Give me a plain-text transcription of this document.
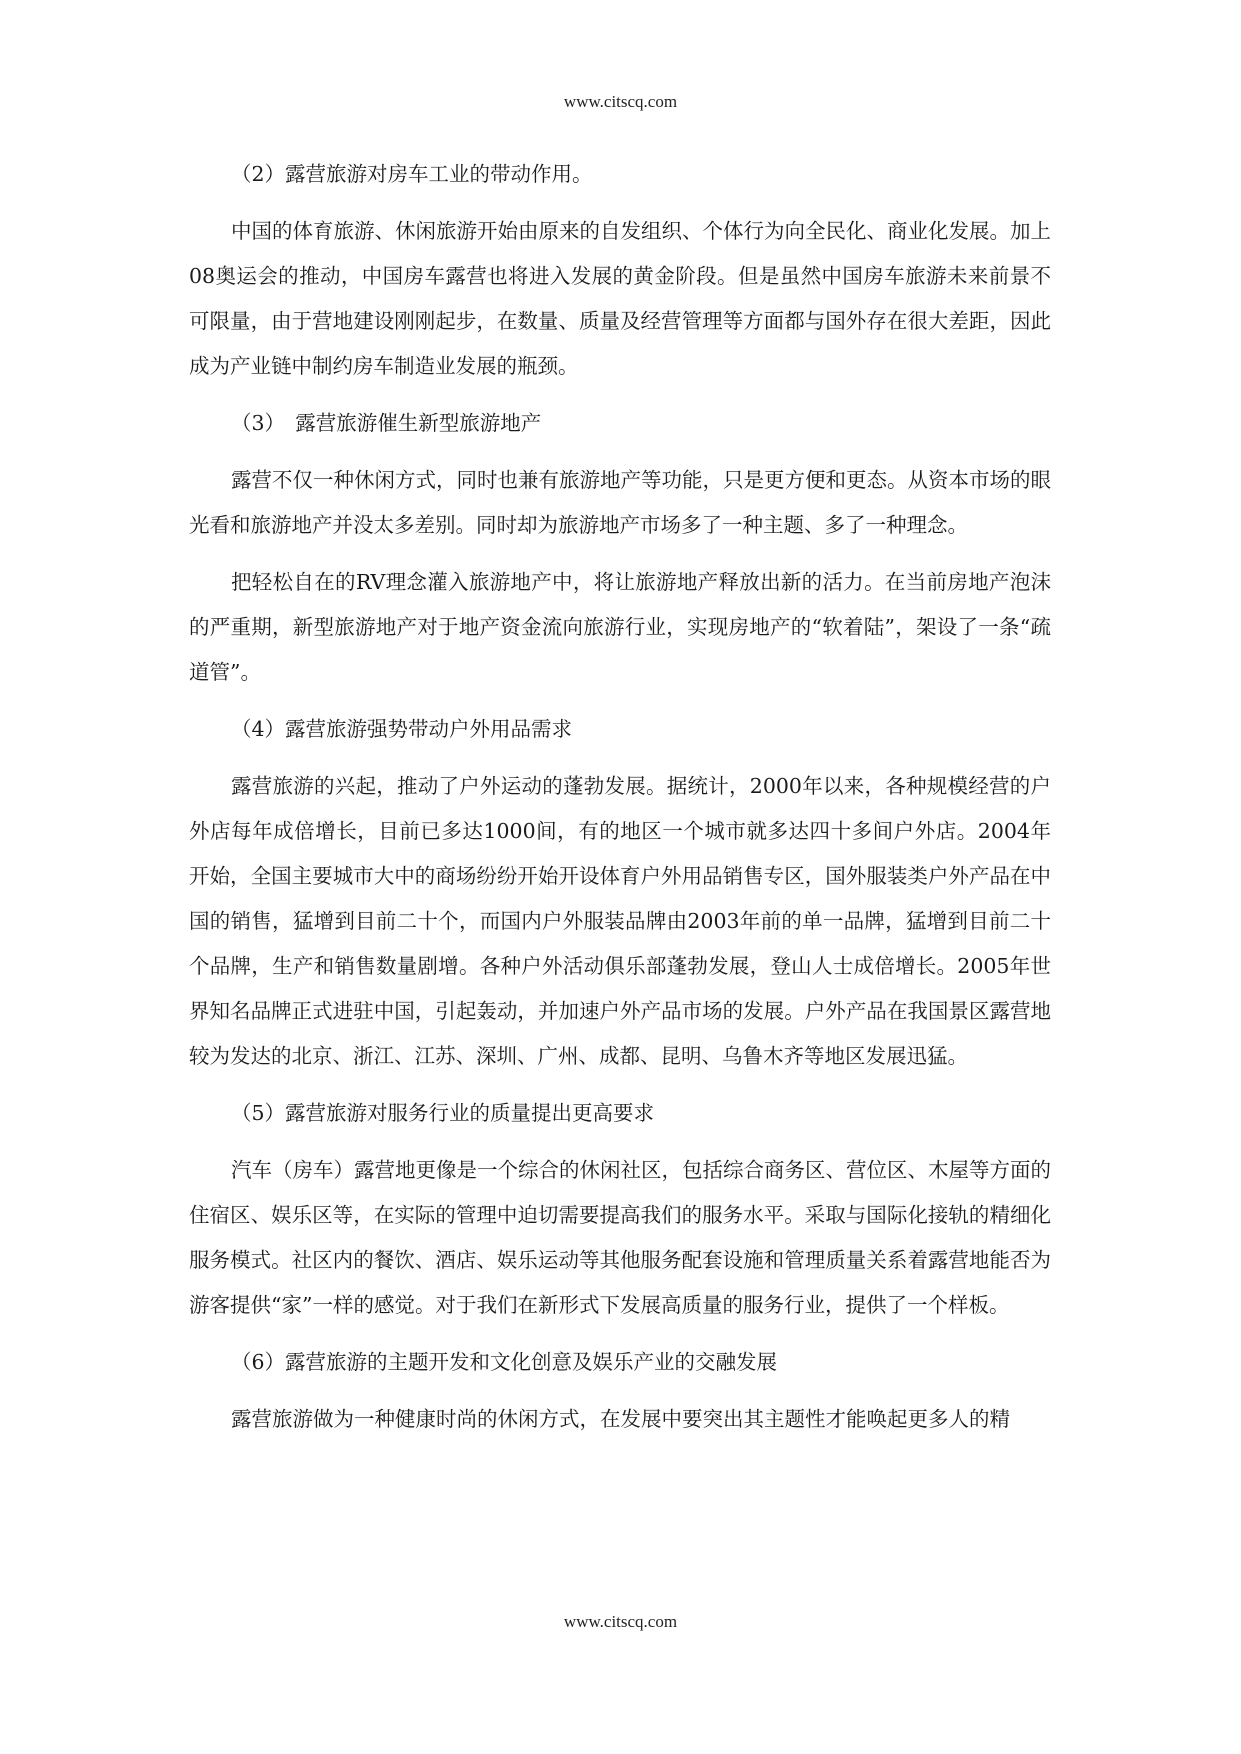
www.citscq.com

（2）露营旅游对房车工业的带动作用。

中国的体育旅游、休闲旅游开始由原来的自发组织、个体行为向全民化、商业化发展。加上08奥运会的推动，中国房车露营也将进入发展的黄金阶段。但是虽然中国房车旅游未来前景不可限量，由于营地建设刚刚起步，在数量、质量及经营管理等方面都与国外存在很大差距，因此成为产业链中制约房车制造业发展的瓶颈。

（3）　露营旅游催生新型旅游地产

露营不仅一种休闲方式，同时也兼有旅游地产等功能，只是更方便和更态。从资本市场的眼光看和旅游地产并没太多差别。同时却为旅游地产市场多了一种主题、多了一种理念。

把轻松自在的RV理念灌入旅游地产中，将让旅游地产释放出新的活力。在当前房地产泡沫的严重期，新型旅游地产对于地产资金流向旅游行业，实现房地产的“软着陆”，架设了一条“疏道管”。

（4）露营旅游强势带动户外用品需求

露营旅游的兴起，推动了户外运动的蓬勃发展。据统计，2000年以来，各种规模经营的户外店每年成倍增长，目前已多达1000间，有的地区一个城市就多达四十多间户外店。2004年开始，全国主要城市大中的商场纷纷开始开设体育户外用品销售专区，国外服装类户外产品在中国的销售，猛增到目前二十个，而国内户外服装品牌由2003年前的单一品牌，猛增到目前二十个品牌，生产和销售数量剧增。各种户外活动俱乐部蓬勃发展，登山人士成倍增长。2005年世界知名品牌正式进驻中国，引起轰动，并加速户外产品市场的发展。户外产品在我国景区露营地较为发达的北京、浙江、江苏、深圳、广州、成都、昆明、乌鲁木齐等地区发展迅猛。

（5）露营旅游对服务行业的质量提出更高要求

汽车（房车）露营地更像是一个综合的休闲社区，包括综合商务区、营位区、木屋等方面的住宿区、娱乐区等，在实际的管理中迫切需要提高我们的服务水平。采取与国际化接轨的精细化服务模式。社区内的餐饮、酒店、娱乐运动等其他服务配套设施和管理质量关系着露营地能否为游客提供“家”一样的感觉。对于我们在新形式下发展高质量的服务行业，提供了一个样板。

（6）露营旅游的主题开发和文化创意及娱乐产业的交融发展

露营旅游做为一种健康时尚的休闲方式，在发展中要突出其主题性才能唤起更多人的精

www.citscq.com
